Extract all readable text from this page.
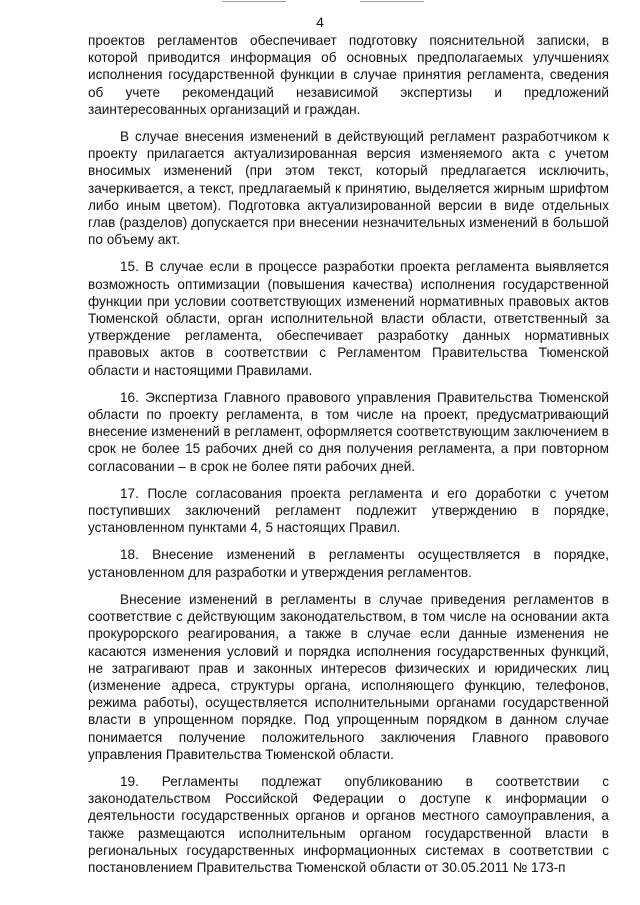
4

проектов регламентов обеспечивает подготовку пояснительной записки, в которой приводится информация об основных предполагаемых улучшениях исполнения государственной функции в случае принятия регламента, сведения об учете рекомендаций независимой экспертизы и предложений заинтересованных организаций и граждан.

В случае внесения изменений в действующий регламент разработчиком к проекту прилагается актуализированная версия изменяемого акта с учетом вносимых изменений (при этом текст, который предлагается исключить, зачеркивается, а текст, предлагаемый к принятию, выделяется жирным шрифтом либо иным цветом). Подготовка актуализированной версии в виде отдельных глав (разделов) допускается при внесении незначительных изменений в большой по объему акт.

15. В случае если в процессе разработки проекта регламента выявляется возможность оптимизации (повышения качества) исполнения государственной функции при условии соответствующих изменений нормативных правовых актов Тюменской области, орган исполнительной власти области, ответственный за утверждение регламента, обеспечивает разработку данных нормативных правовых актов в соответствии с Регламентом Правительства Тюменской области и настоящими Правилами.

16. Экспертиза Главного правового управления Правительства Тюменской области по проекту регламента, в том числе на проект, предусматривающий внесение изменений в регламент, оформляется соответствующим заключением в срок не более 15 рабочих дней со дня получения регламента, а при повторном согласовании – в срок не более пяти рабочих дней.

17. После согласования проекта регламента и его доработки с учетом поступивших заключений регламент подлежит утверждению в порядке, установленном пунктами 4, 5 настоящих Правил.

18. Внесение изменений в регламенты осуществляется в порядке, установленном для разработки и утверждения регламентов.

Внесение изменений в регламенты в случае приведения регламентов в соответствие с действующим законодательством, в том числе на основании акта прокурорского реагирования, а также в случае если данные изменения не касаются изменения условий и порядка исполнения государственных функций, не затрагивают прав и законных интересов физических и юридических лиц (изменение адреса, структуры органа, исполняющего функцию, телефонов, режима работы), осуществляется исполнительными органами государственной власти в упрощенном порядке. Под упрощенным порядком в данном случае понимается получение положительного заключения Главного правового управления Правительства Тюменской области.

19. Регламенты подлежат опубликованию в соответствии с законодательством Российской Федерации о доступе к информации о деятельности государственных органов и органов местного самоуправления, а также размещаются исполнительным органом государственной власти в региональных государственных информационных системах в соответствии с постановлением Правительства Тюменской области от 30.05.2011 № 173-п
